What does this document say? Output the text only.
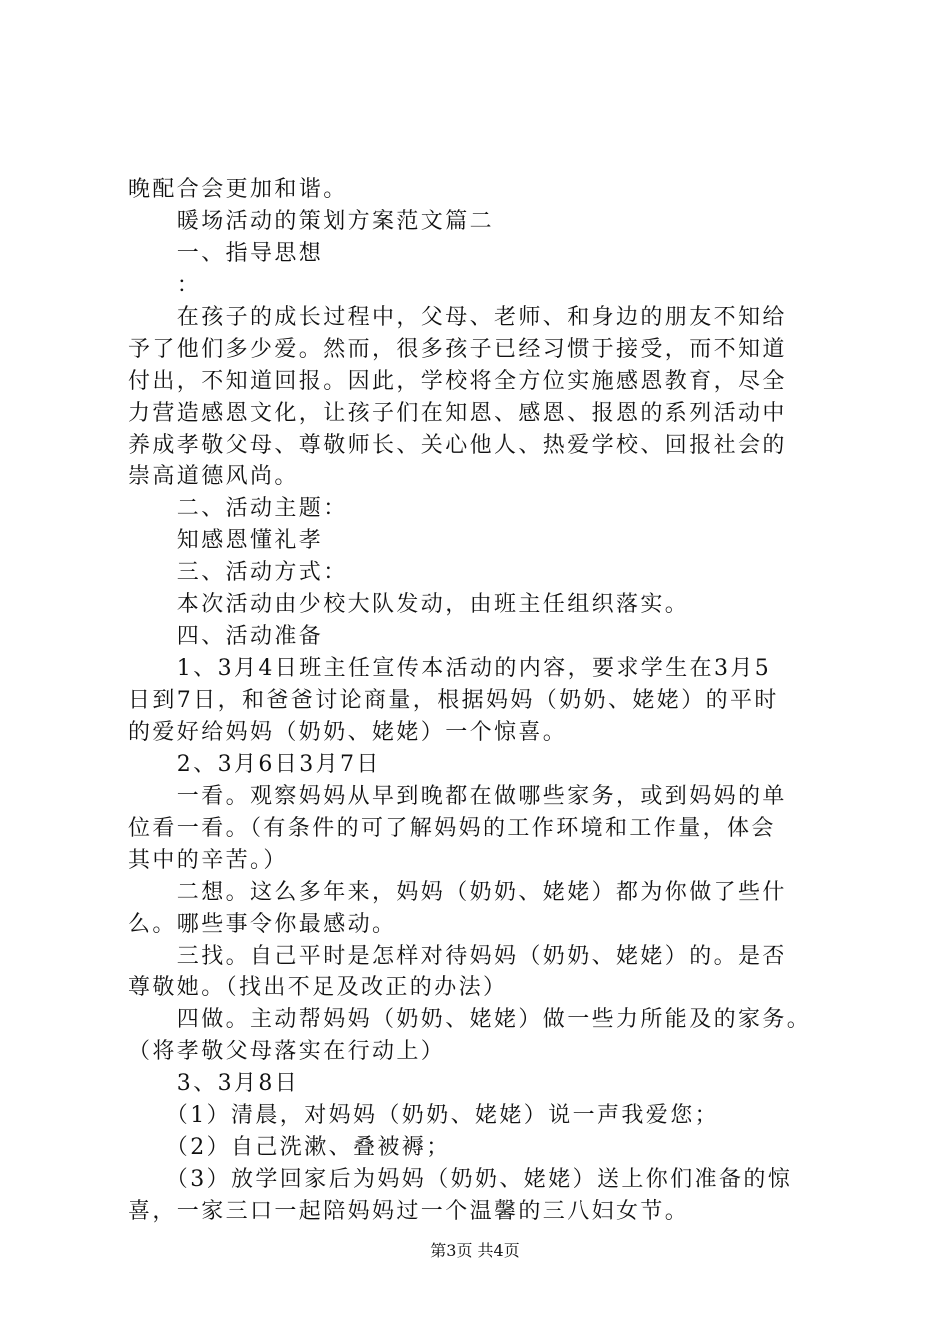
晚配合会更加和谐。
　　暖场活动的策划方案范文篇二
　　一、指导思想
　　：
　　在孩子的成长过程中，父母、老师、和身边的朋友不知给
予了他们多少爱。然而，很多孩子已经习惯于接受，而不知道
付出，不知道回报。因此，学校将全方位实施感恩教育，尽全
力营造感恩文化，让孩子们在知恩、感恩、报恩的系列活动中
养成孝敬父母、尊敬师长、关心他人、热爱学校、回报社会的
崇高道德风尚。
　　二、活动主题：
　　知感恩懂礼孝
　　三、活动方式：
　　本次活动由少校大队发动，由班主任组织落实。
　　四、活动准备
　　1、3月4日班主任宣传本活动的内容，要求学生在3月5
日到7日，和爸爸讨论商量，根据妈妈（奶奶、姥姥）的平时
的爱好给妈妈（奶奶、姥姥）一个惊喜。
　　2、3月6日3月7日
　　一看。观察妈妈从早到晚都在做哪些家务，或到妈妈的单
位看一看。（有条件的可了解妈妈的工作环境和工作量，体会
其中的辛苦。）
　　二想。这么多年来，妈妈（奶奶、姥姥）都为你做了些什
么。哪些事令你最感动。
　　三找。自己平时是怎样对待妈妈（奶奶、姥姥）的。是否
尊敬她。（找出不足及改正的办法）
　　四做。主动帮妈妈（奶奶、姥姥）做一些力所能及的家务。
（将孝敬父母落实在行动上）
　　3、3月8日
　　（1）清晨，对妈妈（奶奶、姥姥）说一声我爱您；
　　（2）自己洗漱、叠被褥；
　　（3）放学回家后为妈妈（奶奶、姥姥）送上你们准备的惊
喜，一家三口一起陪妈妈过一个温馨的三八妇女节。
第3页 共4页
